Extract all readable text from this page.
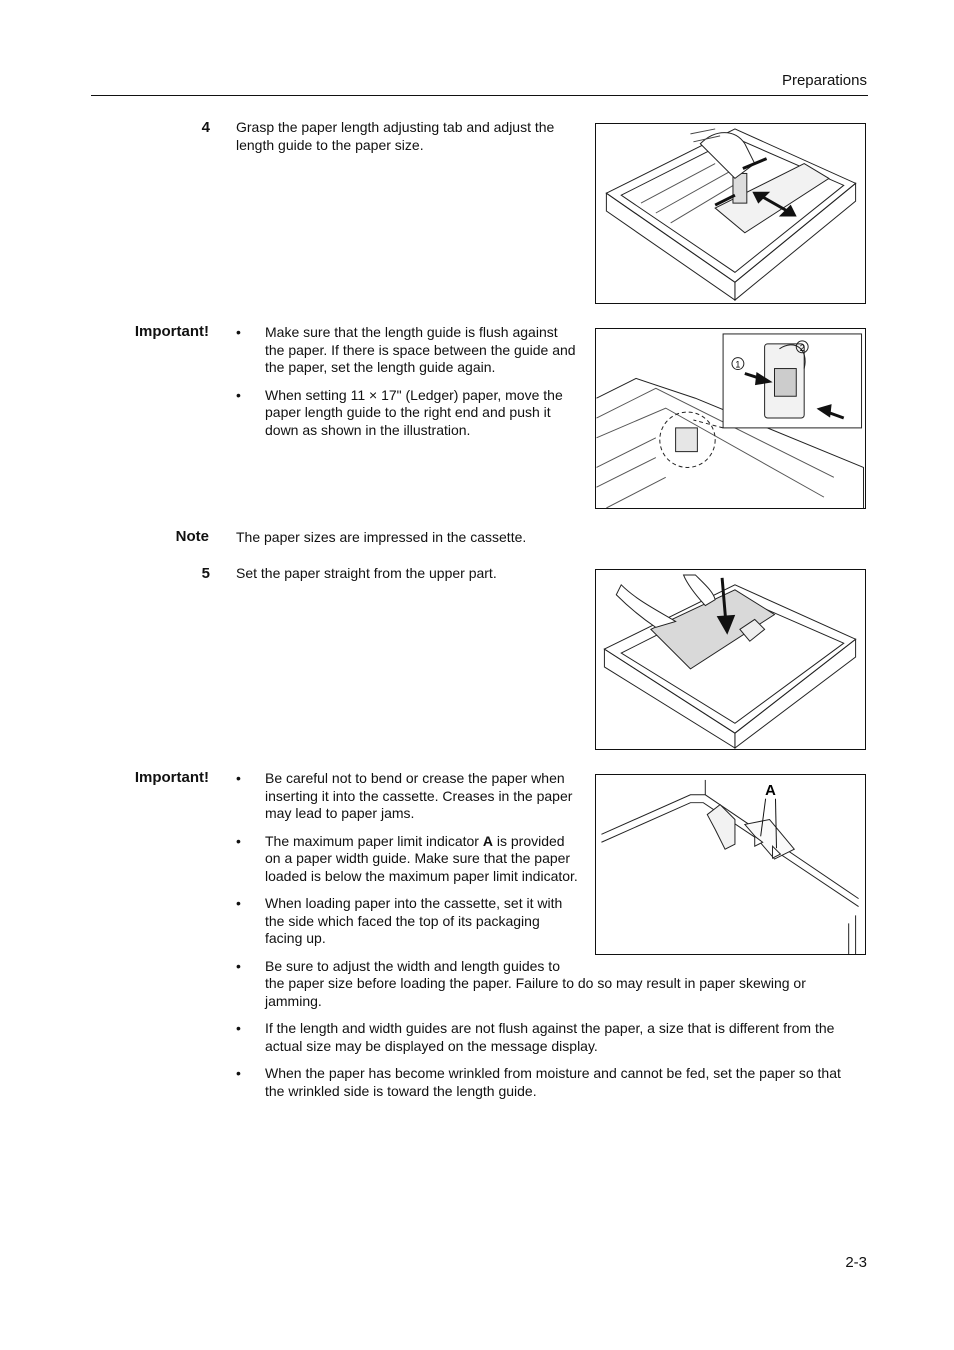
Preparations
4 Grasp the paper length adjusting tab and adjust the
length guide to the paper size.
Important!	• Make sure that the length guide is flush against
the paper. If there is space between the guide and
the paper, set the length guide again.
• When setting 11 × 17" (Ledger) paper, move the
paper length guide to the right end and push it
down as shown in the illustration.
1
2
Note The paper sizes are impressed in the cassette.
5 Set the paper straight from the upper part.
Important!	• Be careful not to bend or crease the paper when
inserting it into the cassette. Creases in the paper
may lead to paper jams.
• The maximum paper limit indicator A is provided
on a paper width guide. Make sure that the paper
loaded is below the maximum paper limit indicator.
• When loading paper into the cassette, set it with
the side which faced the top of its packaging
facing up.
• Be sure to adjust the width and length guides to
the paper size before loading the paper. Failure to do so may result in paper skewing or
jamming.
• If the length and width guides are not flush against the paper, a size that is different from the
actual size may be displayed on the message display.
• When the paper has become wrinkled from moisture and cannot be fed, set the paper so that
the wrinkled side is toward the length guide.
A
2-3
